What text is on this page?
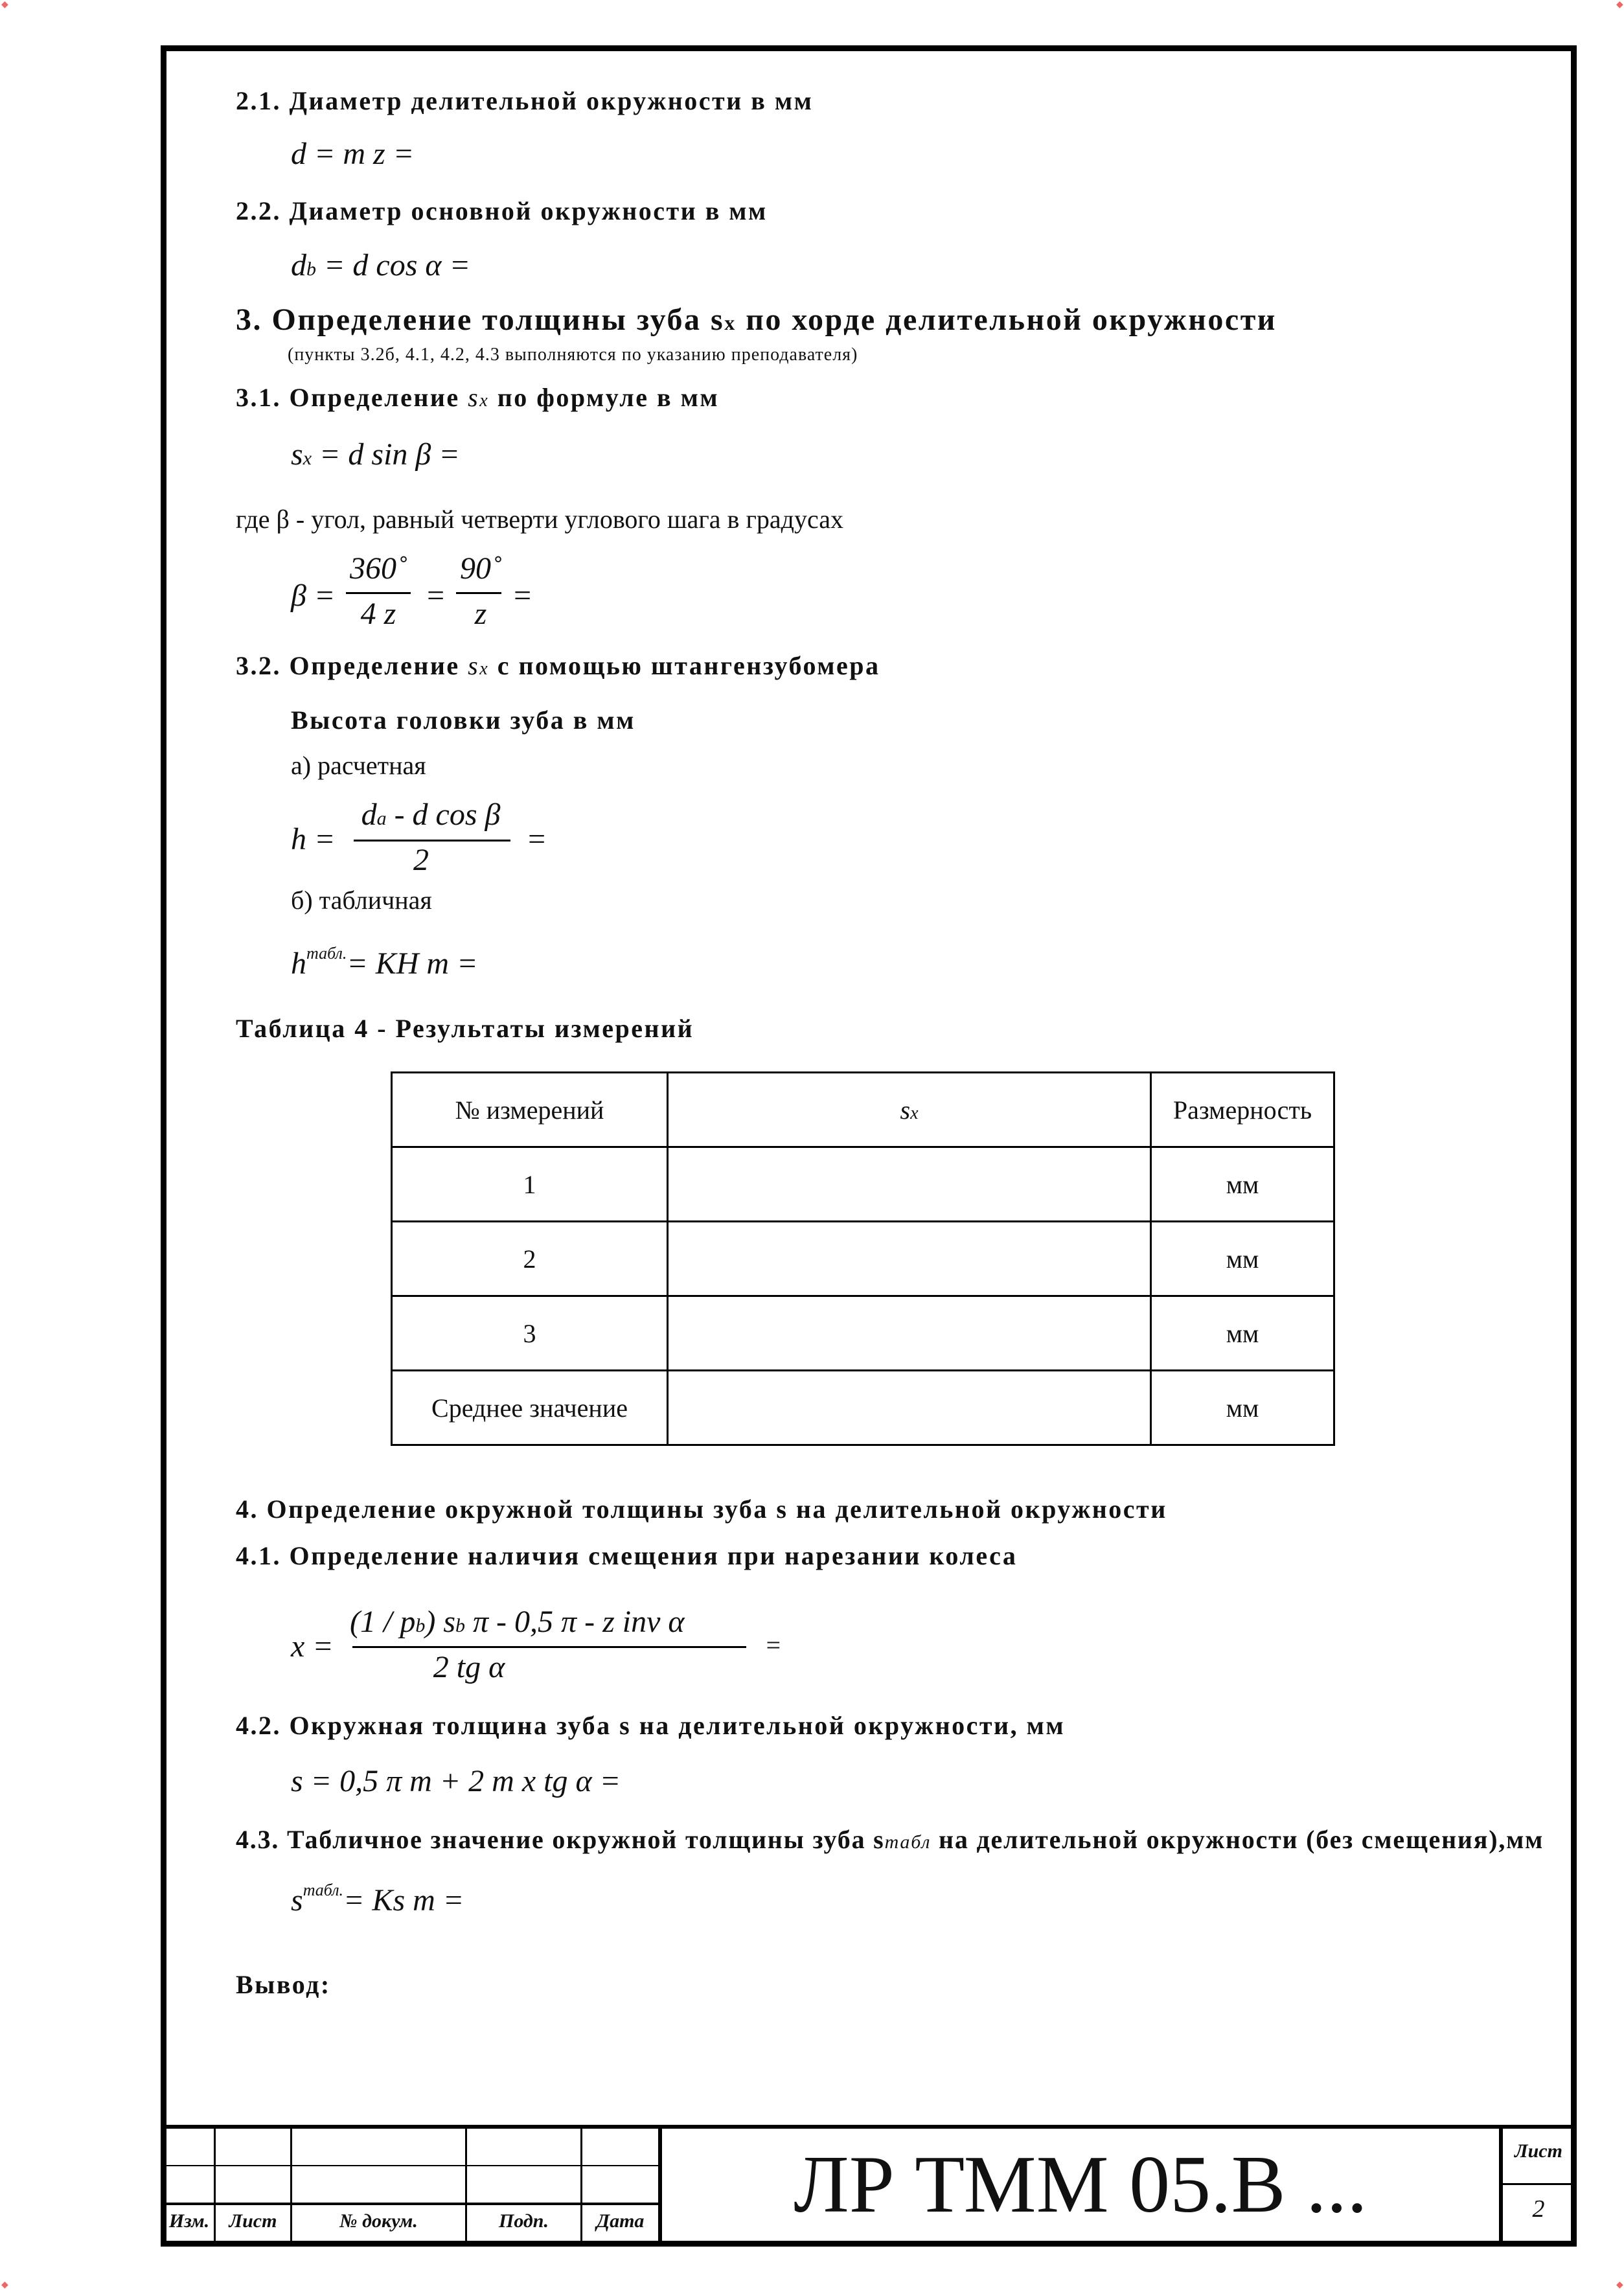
◆	◆
◆	◆
2.1. Диаметр делительной окружности в мм
d = m z =
2.2. Диаметр основной окружности в мм
db = d cos α =
3. Определение толщины зуба sx по хорде делительной окружности
(пункты 3.2б, 4.1, 4.2, 4.3 выполняются по указанию преподавателя)
3.1. Определение sx по формуле в мм
sx = d sin β =
где β - угол, равный четверти углового шага в градусах
β =
360˚
4 z
=
90˚
z
=
3.2. Определение sx с помощью штангензубомера
Высота головки зуба в мм
а) расчетная
h =
da - d cos β
2
=
б) табличная
$h^{табл.}=$ KH m =
Таблица 4 - Результаты измерений
№ измерений	sx	Размерность
1		мм
2		мм
3		мм
Среднее значение		мм
4. Определение окружной толщины зуба s на делительной окружности
4.1. Определение наличия смещения при нарезании колеса
x =
(1 / pb) sb π - 0,5 π - z inv α
2 tg α
=
4.2. Окружная толщина зуба s на делительной окружности, мм
s = 0,5 π m + 2 m x tg α =
4.3. Табличное значение окружной толщины зуба sтабл на делительной окружности (без смещения),мм
$s^{табл.}= Ks$ m =
Вывод:
Изм.	Лист	№ докум.	Подп.	Дата	ЛР ТММ 05.В ...	Лист
2
